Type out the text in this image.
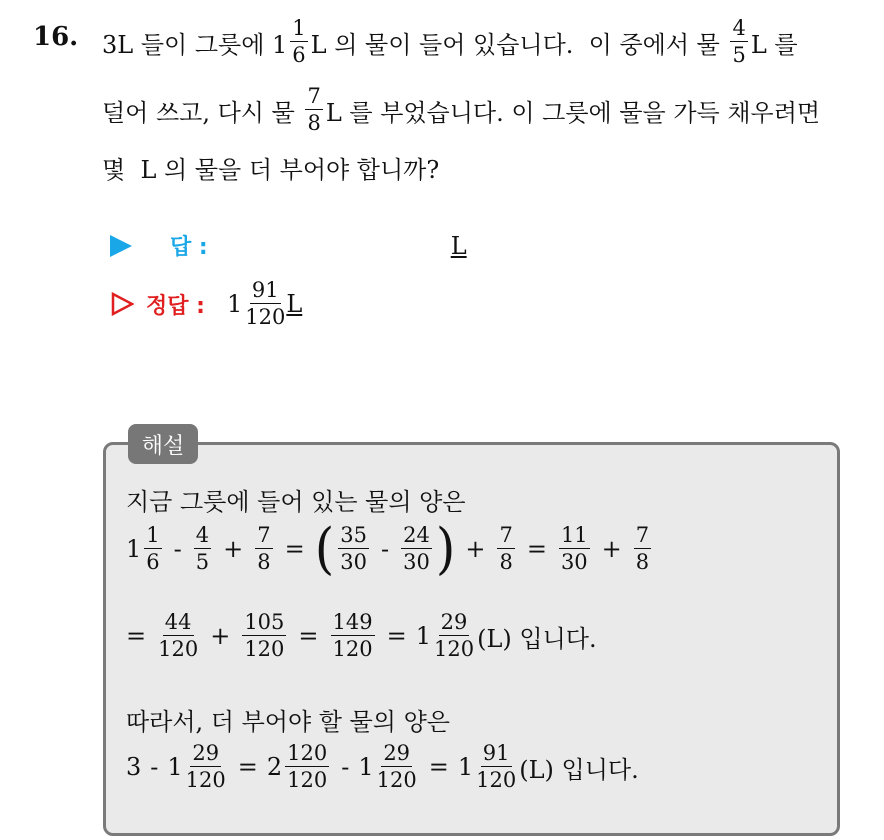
16. 3L 들이 그릇에 $1 \frac{1}{6}$ L 의 물이 들어 있습니다.  이 중에서 물 $\frac{4}{5}$ L 를
덜어 쓰고, 다시 물 $\frac{7}{8}$ L 를 부었습니다. 이 그릇에 물을 가득 채우려면
몇  L 의 물을 더 부어야 합니까?
답 :	L
정답 : $1 \frac{91}{120}$ L
해설
지금 그릇에 들어 있는 물의 양은
$1 \frac{1}{6} - \frac{4}{5} + \frac{7}{8}$ = ( $\frac{35}{30} - \frac{24}{30}$ ) + $\frac{7}{8} = \frac{11}{30} + \frac{7}{8}$
= $\frac{44}{120} + \frac{105}{120} = \frac{149}{120} = 1 \frac{29}{120} (L)$ 입니다.
따라서, 더 부어야 할 물의 양은
$3 - 1 \frac{29}{120} = 2 \frac{120}{120} - 1 \frac{29}{120} = 1 \frac{91}{120} (L)$ 입니다.
